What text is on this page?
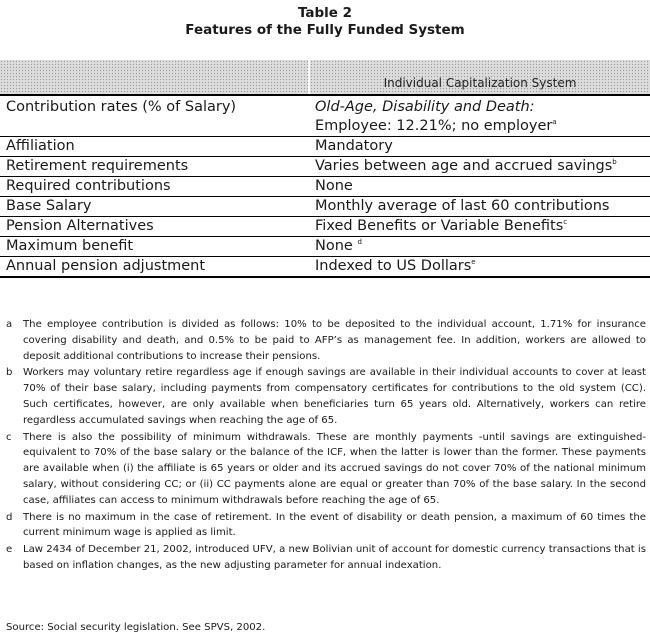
Table 2
Features of the Fully Funded System
	Individual Capitalization System
Contribution rates (% of Salary)	Old-Age, Disability and Death:
Employee: 12.21%; no employer$^a$

Affiliation	Mandatory
Retirement requirements	Varies between age and accrued savings$^b$
Required contributions	None
Base Salary	Monthly average of last 60 contributions
Pension Alternatives	Fixed Benefits or Variable Benefits$^c$
Maximum benefit	None $^d$
Annual pension adjustment	Indexed to US Dollars$^e$
a	The employee contribution is divided as follows: 10% to be deposited to the individual account, 1.71% for insurance covering disability and death, and 0.5% to be paid to AFP’s as management fee. In addition, workers are allowed to deposit additional contributions to increase their pensions.
b	Workers may voluntary retire regardless age if enough savings are available in their individual accounts to cover at least 70% of their base salary, including payments from compensatory certificates for contributions to the old system (CC). Such certificates, however, are only available when beneficiaries turn 65 years old. Alternatively, workers can retire regardless accumulated savings when reaching the age of 65.
c	There is also the possibility of minimum withdrawals. These are monthly payments -until savings are extinguished- equivalent to 70% of the base salary or the balance of the ICF, when the latter is lower than the former. These payments are available when (i) the affiliate is 65 years or older and its accrued savings do not cover 70% of the national minimum salary, without considering CC; or (ii) CC payments alone are equal or greater than 70% of the base salary. In the second case, affiliates can access to minimum withdrawals before reaching the age of 65.
d	There is no maximum in the case of retirement. In the event of disability or death pension, a maximum of 60 times the current minimum wage is applied as limit.
e	Law 2434 of December 21, 2002, introduced UFV, a new Bolivian unit of account for domestic currency transactions that is based on inflation changes, as the new adjusting parameter for annual indexation.
Source: Social security legislation. See SPVS, 2002.
